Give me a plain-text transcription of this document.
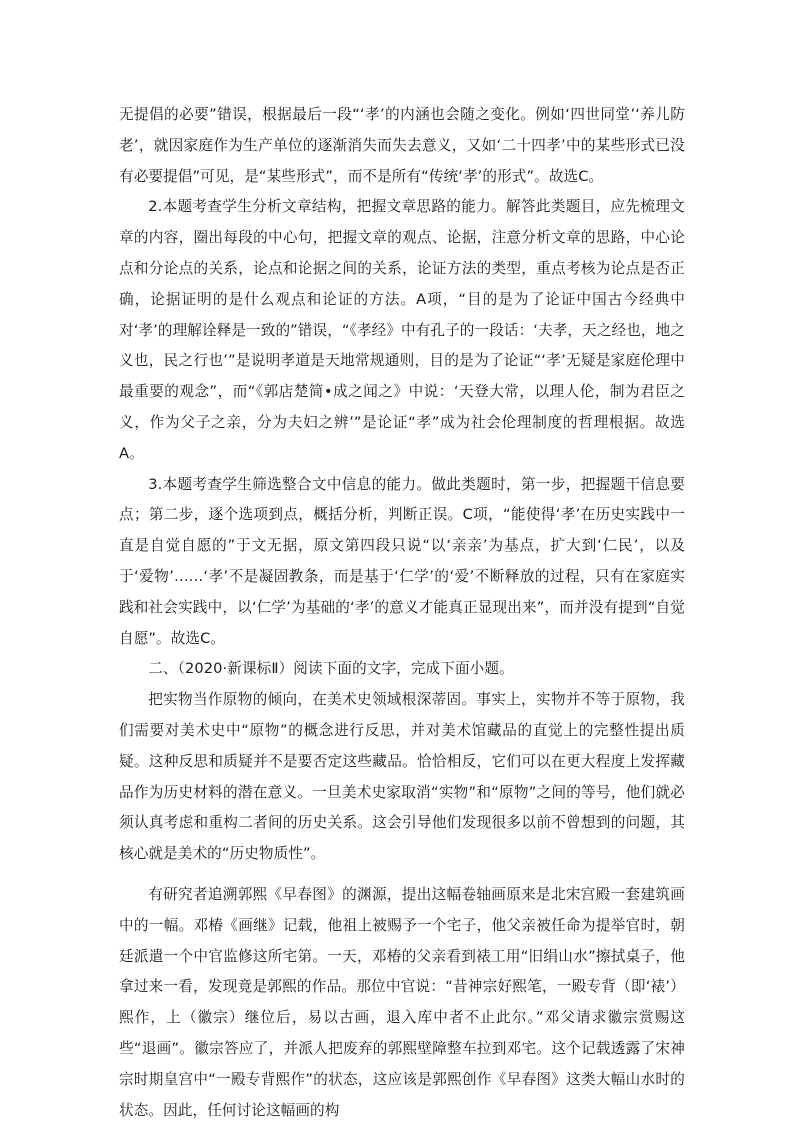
无提倡的必要”错误，根据最后一段“‘孝’的内涵也会随之变化。例如‘四世同堂’‘养儿防老’，就因家庭作为生产单位的逐渐消失而失去意义，又如‘二十四孝’中的某些形式已没有必要提倡”可见，是“某些形式”，而不是所有“传统‘孝’的形式”。故选C。

2.本题考查学生分析文章结构，把握文章思路的能力。解答此类题目，应先梳理文章的内容，圈出每段的中心句，把握文章的观点、论据，注意分析文章的思路，中心论点和分论点的关系，论点和论据之间的关系，论证方法的类型，重点考核为论点是否正确，论据证明的是什么观点和论证的方法。A项，“目的是为了论证中国古今经典中对‘孝’的理解诠释是一致的”错误，“《孝经》中有孔子的一段话：‘夫孝，天之经也，地之义也，民之行也’”是说明孝道是天地常规通则，目的是为了论证“‘孝’无疑是家庭伦理中最重要的观念”，而“《郭店楚简•成之闻之》中说：‘天登大常，以理人伦，制为君臣之义，作为父子之亲，分为夫妇之辨’”是论证“孝”成为社会伦理制度的哲理根据。故选A。

3.本题考查学生筛选整合文中信息的能力。做此类题时，第一步，把握题干信息要点；第二步，逐个选项到点，概括分析，判断正误。C项，“能使得‘孝’在历史实践中一直是自觉自愿的”于文无据，原文第四段只说“以‘亲亲’为基点，扩大到‘仁民’，以及于‘爱物’……‘孝’不是凝固教条，而是基于‘仁学’的‘爱’不断释放的过程，只有在家庭实践和社会实践中，以‘仁学’为基础的‘孝’的意义才能真正显现出来”，而并没有提到“自觉自愿”。故选C。

二、（2020·新课标Ⅱ）阅读下面的文字，完成下面小题。

把实物当作原物的倾向，在美术史领域根深蒂固。事实上，实物并不等于原物，我们需要对美术史中“原物”的概念进行反思，并对美术馆藏品的直觉上的完整性提出质疑。这种反思和质疑并不是要否定这些藏品。恰恰相反，它们可以在更大程度上发挥藏品作为历史材料的潜在意义。一旦美术史家取消“实物”和“原物”之间的等号，他们就必须认真考虑和重构二者间的历史关系。这会引导他们发现很多以前不曾想到的问题，其核心就是美术的“历史物质性”。

有研究者追溯郭熙《早春图》的渊源，提出这幅卷轴画原来是北宋宫殿一套建筑画中的一幅。邓椿《画继》记载，他祖上被赐予一个宅子，他父亲被任命为提举官时，朝廷派遣一个中官监修这所宅第。一天，邓椿的父亲看到裱工用“旧绢山水”擦拭桌子，他拿过来一看，发现竟是郭熙的作品。那位中官说：“昔神宗好熙笔，一殿专背（即‘裱’）熙作，上（徽宗）继位后，易以古画，退入库中者不止此尔。”邓父请求徽宗赏赐这些“退画”。徽宗答应了，并派人把废弃的郭熙壁障整车拉到邓宅。这个记载透露了宋神宗时期皇宫中“一殿专背熙作”的状态，这应该是郭熙创作《早春图》这类大幅山水时的状态。因此，任何讨论这幅画的构
